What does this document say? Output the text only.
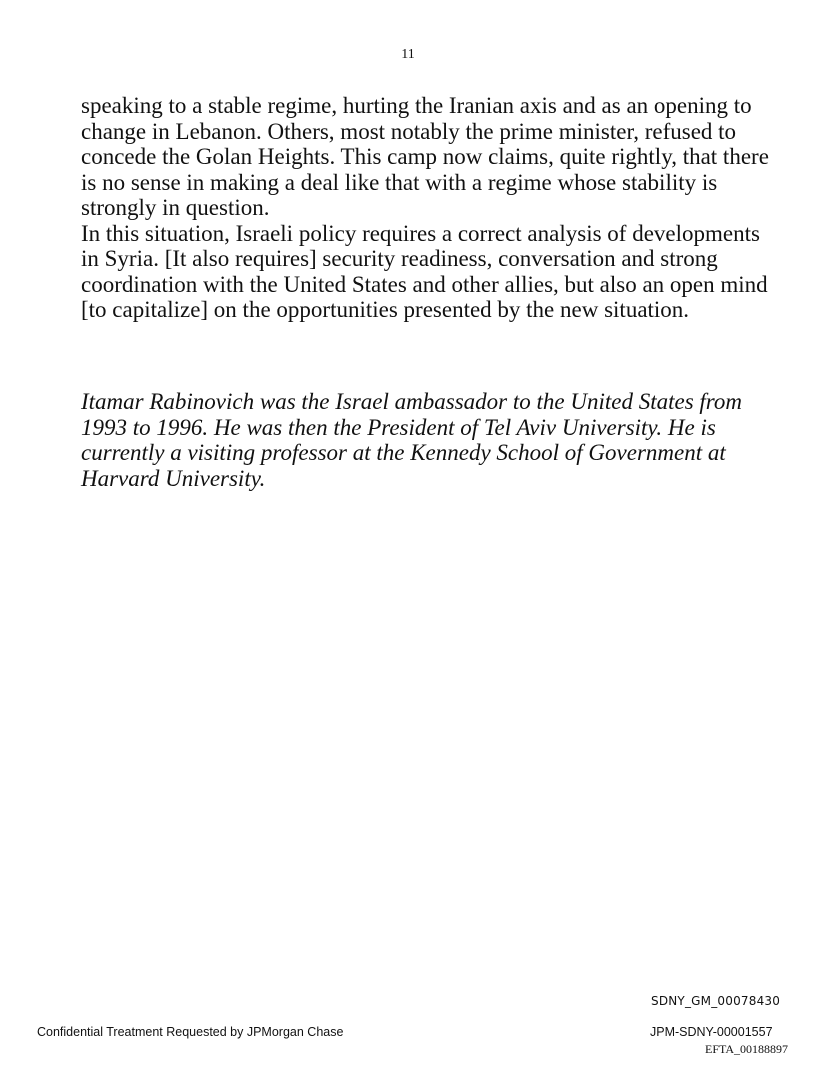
11

speaking to a stable regime, hurting the Iranian axis and as an opening to change in Lebanon. Others, most notably the prime minister, refused to concede the Golan Heights. This camp now claims, quite rightly, that there is no sense in making a deal like that with a regime whose stability is strongly in question.

In this situation, Israeli policy requires a correct analysis of developments in Syria. [It also requires] security readiness, conversation and strong coordination with the United States and other allies, but also an open mind [to capitalize] on the opportunities presented by the new situation.

Itamar Rabinovich was the Israel ambassador to the United States from 1993 to 1996. He was then the President of Tel Aviv University. He is currently a visiting professor at the Kennedy School of Government at Harvard University.

SDNY_GM_00078430
Confidential Treatment Requested by JPMorgan Chase	JPM-SDNY-00001557
EFTA_00188897
